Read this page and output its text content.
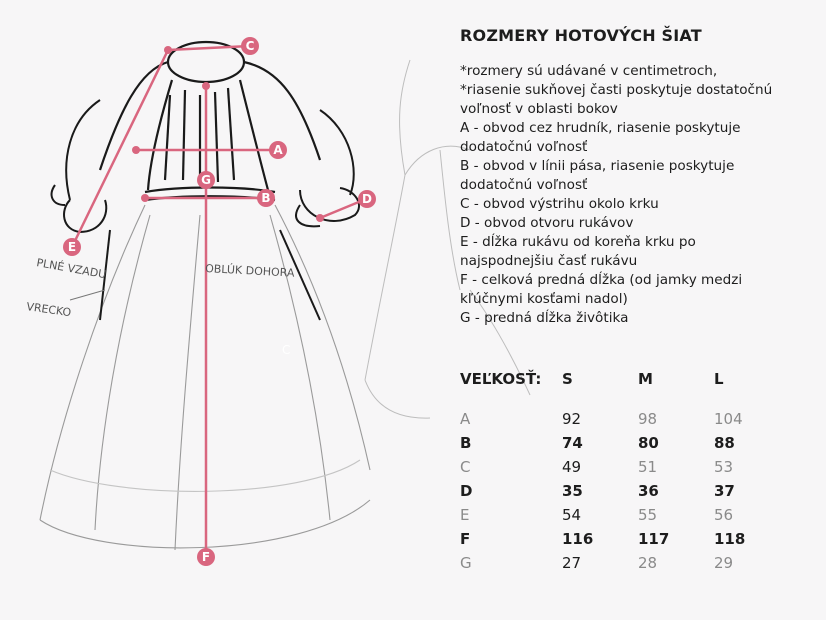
C
A
G
B	D
E
F
C
OBLÚK DOHORA
PLNÉ VZADU
VRECKO
ROZMERY HOTOVÝCH ŠIAT
*rozmery sú udávané v centimetroch,
*riasenie sukňovej časti poskytuje dostatočnú
voľnosť v oblasti bokov
A - obvod cez hrudník, riasenie poskytuje
dodatočnú voľnosť
B - obvod v línii pása, riasenie poskytuje
dodatočnú voľnosť
C - obvod výstrihu okolo krku
D - obvod otvoru rukávov
E - dĺžka rukávu od koreňa krku po
najspodnejšiu časť rukávu
F - celková predná dĺžka (od jamky medzi
kľúčnymi kosťami nadol)
G - predná dĺžka živôtika
VEĽKOSŤ: S	M	L
A	92	98	104
B	74	80	88
C	49	51	53
D	35	36	37
E	54	55	56
F	116	117	118
G	27	28	29
